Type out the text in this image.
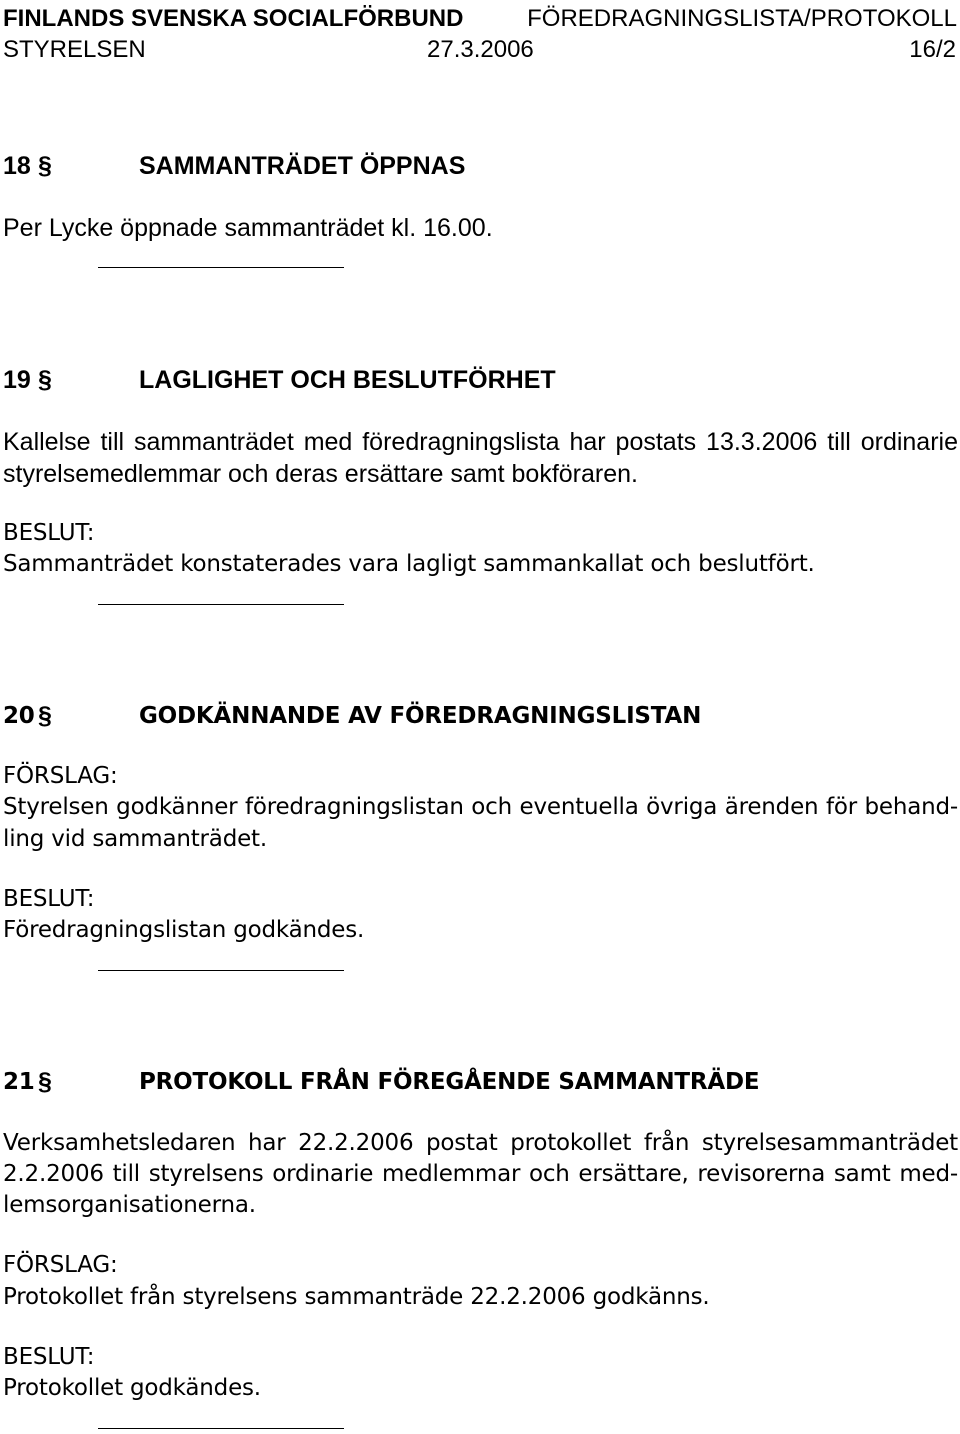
FINLANDS SVENSKA SOCIALFÖRBUND	FÖREDRAGNINGSLISTA/PROTOKOLL
STYRELSEN	27.3.2006	16/2
18 §	SAMMANTRÄDET ÖPPNAS
Per Lycke öppnade sammanträdet kl. 16.00.
19 §	LAGLIGHET OCH BESLUTFÖRHET
Kallelse till sammanträdet med föredragningslista har postats 13.3.2006 till ordinarie
styrelsemedlemmar och deras ersättare samt bokföraren.
BESLUT:
Sammanträdet konstaterades vara lagligt sammankallat och beslutfört.
20 §	GODKÄNNANDE AV FÖREDRAGNINGSLISTAN
FÖRSLAG:
Styrelsen godkänner föredragningslistan och eventuella övriga ärenden för behand-
ling vid sammanträdet.
BESLUT:
Föredragningslistan godkändes.
21 §	PROTOKOLL FRÅN FÖREGÅENDE SAMMANTRÄDE
Verksamhetsledaren har 22.2.2006 postat protokollet från styrelsesammanträdet
2.2.2006 till styrelsens ordinarie medlemmar och ersättare, revisorerna samt med-
lemsorganisationerna.
FÖRSLAG:
Protokollet från styrelsens sammanträde 22.2.2006 godkänns.
BESLUT:
Protokollet godkändes.
